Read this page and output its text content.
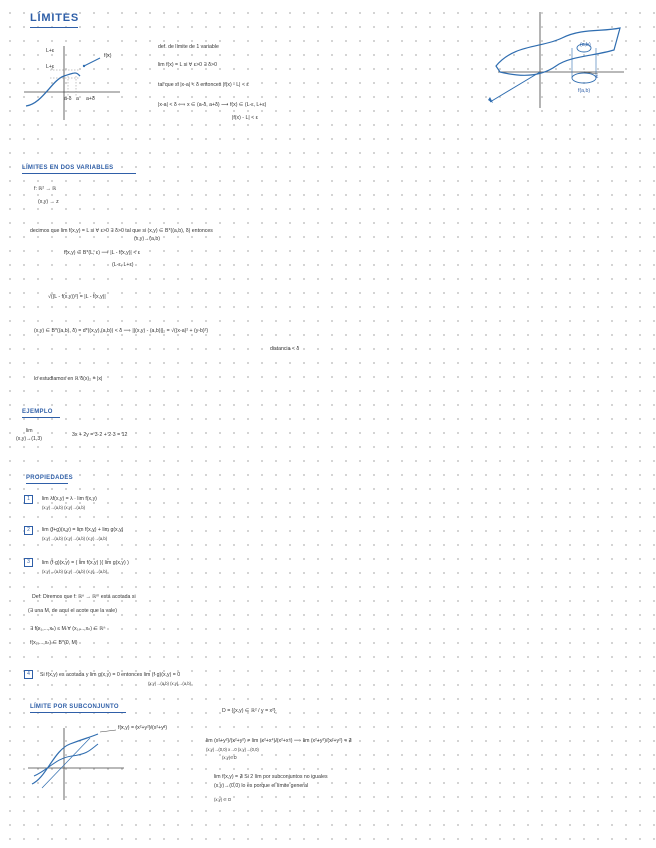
LÍMITES
L+ε
L+ε
a-δ a a+δ
f(x)
def. de límite de 1 variable
lim f(x) = L si ∀ ε>0 ∃ δ>0
tal que si |x-a| < δ entonces |f(x) - L| < ε
|x-a| < δ ⟺ x ∈ (a-δ, a+δ) ⟶ f(x) ∈ (L-ε, L+ε)
|f(x) - L| < ε
(a,b)
ε
f(a,b)
LÍMITES EN DOS VARIABLES
f: ℝ² → ℝ
(x,y) → z
decimos que lim f(x,y) = L si ∀ ε>0 ∃ δ>0 tal que si (x,y) ∈ B*((a,b), δ) entonces
(x,y)→(a,b)
f(x,y) ∈ B*(L, ε) ⟹ |L - f(x,y)| < ε
(L-ε, L+ε)
√((L - f(x,y))²) = |L - f(x,y)|
(x,y) ∈ B*((a,b), δ) = d*((x,y),(a,b)) < δ ⟹ ||(x,y) - (a,b)||₂ = √((x-a)² + (y-b)²)
distancia < δ
lo estudiamos en ℝ δ(x)₂ = |x|
EJEMPLO
lim
(x,y)→(1,3)
3x + 2y = 3·2 + 2·3 = 12
PROPIEDADES
1	lim λf(x,y) = λ · lim f(x,y)
(x,y)→(a,b) (x,y)→(a,b)
2	lim (f+g)(x,y) = lim f(x,y) + lim g(x,y)
(x,y)→(a,b) (x,y)→(a,b) (x,y)→(a,b)
3	lim (f·g)(x,y) = ( lim f(x,y) )( lim g(x,y) )
(x,y)→(a,b) (x,y)→(a,b) (x,y)→(a,b)
Def: Diremos que f: ℝⁿ → ℝᵐ está acotada si
(∃ una M, de aquí el acote que la vale)
∃ f(x₁,...,xₙ) ≤ M ∀ (x₁,...,xₙ) ∈ ℝⁿ
f(x₁,...,xₙ) ∈ B*(0, M)
4	Si f(x,y) es acotada y lim g(x,y) = 0 entonces lim (f·g)(x,y) = 0
(x,y)→(a,b) (x,y)→(a,b)
LÍMITE POR SUBCONJUNTO
f(x,y) = (x²+y²)/(x²+y²)
D = {(x,y) ∈ ℝ² / y = x²}
lim (x²+y²)/(x²+y²) = lim (x²+x⁴)/(x²+x⁴) ⟹ lim (x²+y²)/(x²+y²) = ∄
(x,y)→(0,0) x→0 (x,y)→(0,0)
(x,y)∈D
lim f(x,y) = ∄ Si 2 lím por subconjuntos no iguales
(x,y)→(0,0) lo es porque el límite general
(x,y) ∈ D
